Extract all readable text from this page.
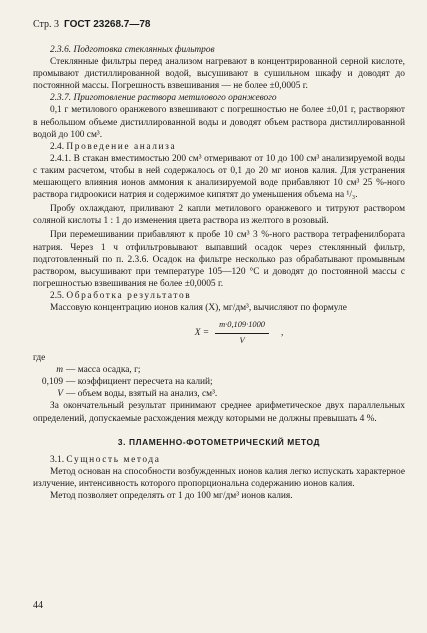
Стр. 3 ГОСТ 23268.7—78

2.3.6. Подготовка стеклянных фильтров

Стеклянные фильтры перед анализом нагревают в концентрированной серной кислоте, промывают дистиллированной водой, высушивают в сушильном шкафу и доводят до постоянной массы. Погрешность взвешивания — не более ±0,0005 г.

2.3.7. Приготовление раствора метилового оранжевого

0,1 г метилового оранжевого взвешивают с погрешностью не более ±0,01 г, растворяют в небольшом объеме дистиллированной воды и доводят объем раствора дистиллированной водой до 100 см³.

2.4. Проведение анализа

2.4.1. В стакан вместимостью 200 см³ отмеривают от 10 до 100 см³ анализируемой воды с таким расчетом, чтобы в ней содержалось от 0,1 до 20 мг ионов калия. Для устранения мешающего влияния ионов аммония к анализируемой воде прибавляют 10 см³ 25 %-ного раствора гидроокиси натрия и содержимое кипятят до уменьшения объема на ¹/₃.

Пробу охлаждают, приливают 2 капли метилового оранжевого и титруют раствором соляной кислоты 1 : 1 до изменения цвета раствора из желтого в розовый.

При перемешивании прибавляют к пробе 10 см³ 3 %-ного раствора тетрафенилбората натрия. Через 1 ч отфильтровывают выпавший осадок через стеклянный фильтр, подготовленный по п. 2.3.6. Осадок на фильтре несколько раз обрабатывают промывным раствором, высушивают при температуре 105—120 °C и доводят до постоянной массы с погрешностью взвешивания не более ±0,0005 г.

2.5. Обработка результатов

Массовую концентрацию ионов калия (X), мг/дм³, вычисляют по формуле

$X = \frac{m\cdot 0,109\cdot 1000}{V}$ ,

где

m — масса осадка, г;
0,109 — коэффициент пересчета на калий;
V — объем воды, взятый на анализ, см³.

За окончательный результат принимают среднее арифметическое двух параллельных определений, допускаемые расхождения между которыми не должны превышать 4 %.

3. ПЛАМЕННО-ФОТОМЕТРИЧЕСКИЙ МЕТОД

3.1. Сущность метода

Метод основан на способности возбужденных ионов калия легко испускать характерное излучение, интенсивность которого пропорциональна содержанию ионов калия.

Метод позволяет определять от 1 до 100 мг/дм³ ионов калия.

44
